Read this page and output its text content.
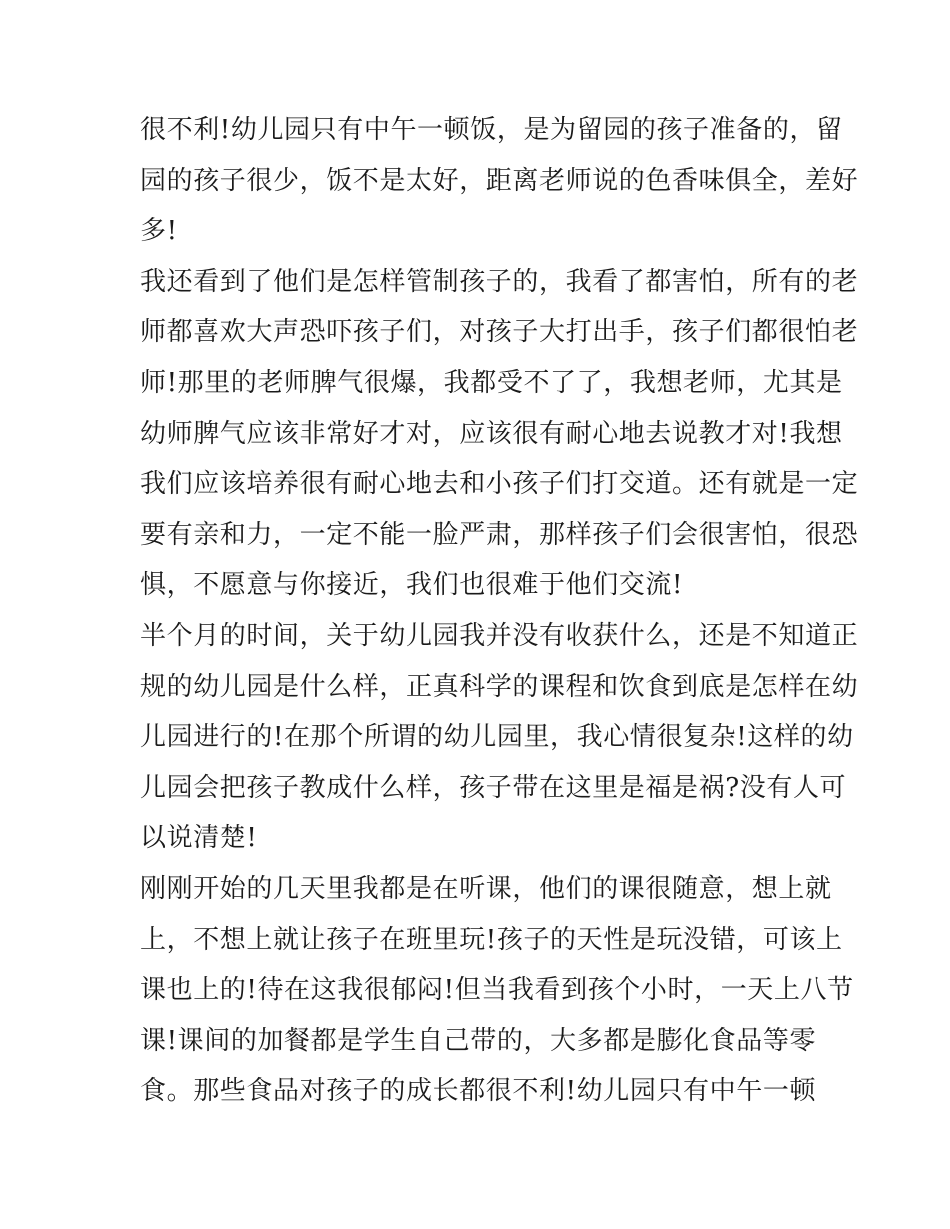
很不利!幼儿园只有中午一顿饭，是为留园的孩子准备的，留
园的孩子很少，饭不是太好，距离老师说的色香味俱全，差好
多!
我还看到了他们是怎样管制孩子的，我看了都害怕，所有的老
师都喜欢大声恐吓孩子们，对孩子大打出手，孩子们都很怕老
师!那里的老师脾气很爆，我都受不了了，我想老师，尤其是
幼师脾气应该非常好才对，应该很有耐心地去说教才对!我想
我们应该培养很有耐心地去和小孩子们打交道。还有就是一定
要有亲和力，一定不能一脸严肃，那样孩子们会很害怕，很恐
惧，不愿意与你接近，我们也很难于他们交流!
半个月的时间，关于幼儿园我并没有收获什么，还是不知道正
规的幼儿园是什么样，正真科学的课程和饮食到底是怎样在幼
儿园进行的!在那个所谓的幼儿园里，我心情很复杂!这样的幼
儿园会把孩子教成什么样，孩子带在这里是福是祸?没有人可
以说清楚!
刚刚开始的几天里我都是在听课，他们的课很随意，想上就
上，不想上就让孩子在班里玩!孩子的天性是玩没错，可该上
课也上的!待在这我很郁闷!但当我看到孩个小时，一天上八节
课!课间的加餐都是学生自己带的，大多都是膨化食品等零
食。那些食品对孩子的成长都很不利!幼儿园只有中午一顿
